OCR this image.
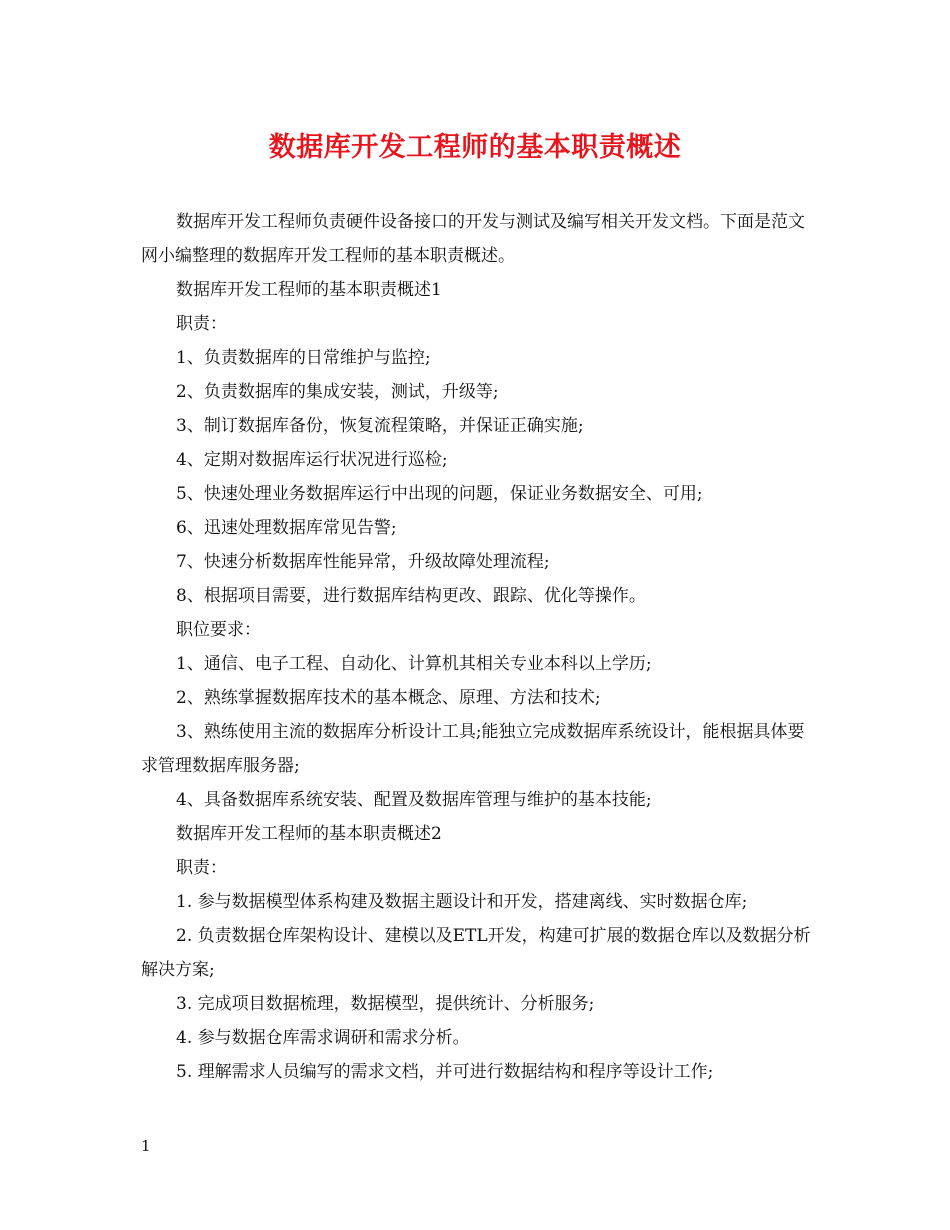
数据库开发工程师的基本职责概述

数据库开发工程师负责硬件设备接口的开发与测试及编写相关开发文档。下面是范文网小编整理的数据库开发工程师的基本职责概述。

数据库开发工程师的基本职责概述1

职责：

1、负责数据库的日常维护与监控;

2、负责数据库的集成安装，测试，升级等;

3、制订数据库备份，恢复流程策略，并保证正确实施;

4、定期对数据库运行状况进行巡检;

5、快速处理业务数据库运行中出现的问题，保证业务数据安全、可用;

6、迅速处理数据库常见告警;

7、快速分析数据库性能异常，升级故障处理流程;

8、根据项目需要，进行数据库结构更改、跟踪、优化等操作。

职位要求：

1、通信、电子工程、自动化、计算机其相关专业本科以上学历;

2、熟练掌握数据库技术的基本概念、原理、方法和技术;

3、熟练使用主流的数据库分析设计工具;能独立完成数据库系统设计，能根据具体要求管理数据库服务器;

4、具备数据库系统安装、配置及数据库管理与维护的基本技能;

数据库开发工程师的基本职责概述2

职责：

1. 参与数据模型体系构建及数据主题设计和开发，搭建离线、实时数据仓库;

2. 负责数据仓库架构设计、建模以及ETL开发，构建可扩展的数据仓库以及数据分析解决方案;

3. 完成项目数据梳理，数据模型，提供统计、分析服务;

4. 参与数据仓库需求调研和需求分析。

5. 理解需求人员编写的需求文档，并可进行数据结构和程序等设计工作;

1
